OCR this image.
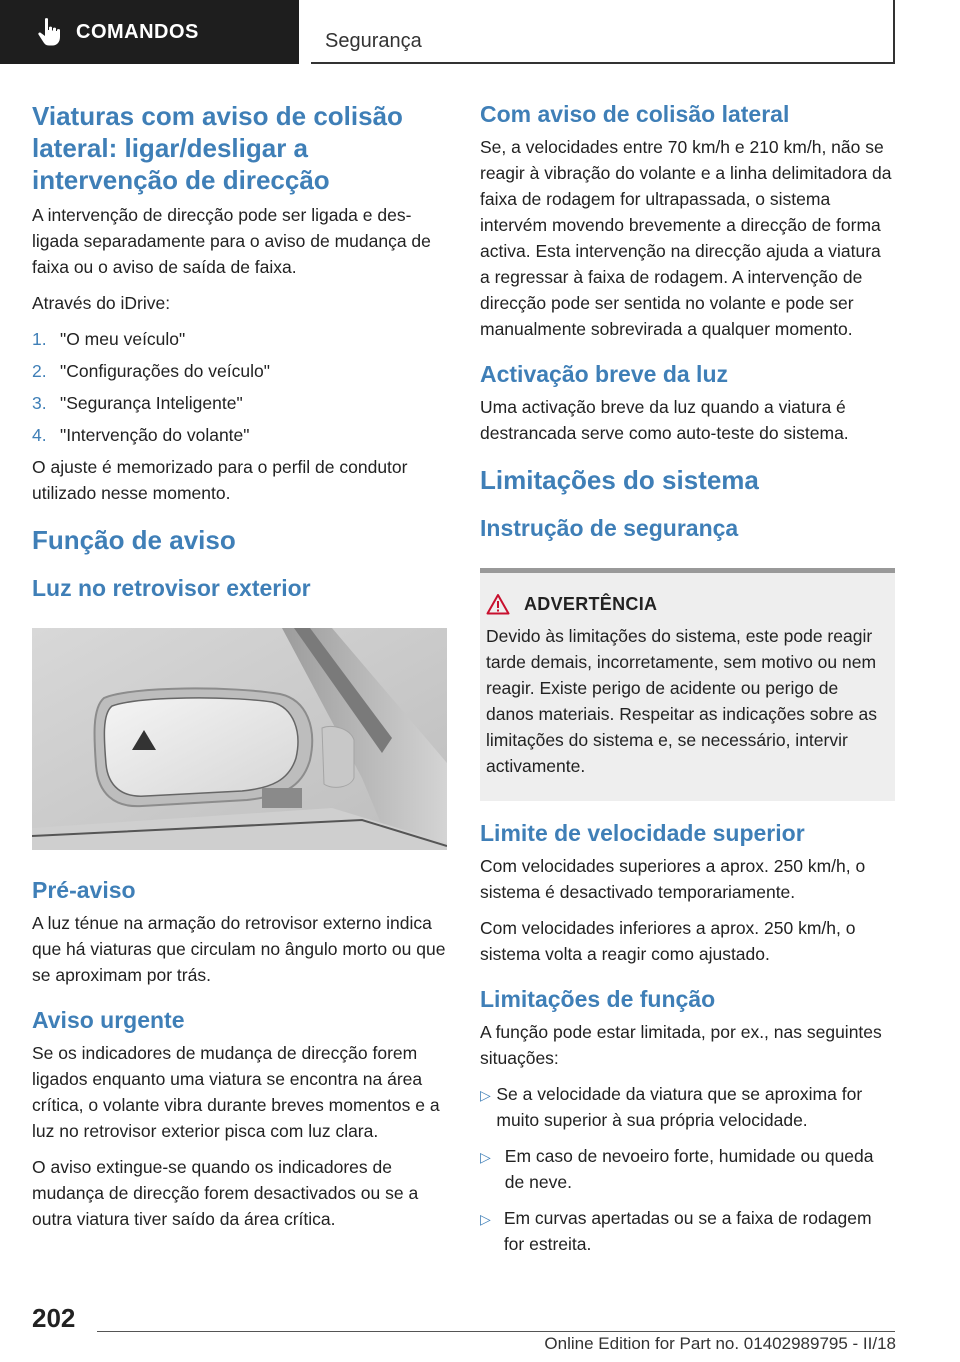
COMANDOS	Segurança
Viaturas com aviso de colisão lateral: ligar/desligar a intervenção de direcção

A intervenção de direcção pode ser ligada e desligada separadamente para o aviso de mudança de faixa ou o aviso de saída de faixa.

Através do iDrive:

1. "O meu veículo"
2. "Configurações do veículo"
3. "Segurança Inteligente"
4. "Intervenção do volante"

O ajuste é memorizado para o perfil de condutor utilizado nesse momento.

Função de aviso
Luz no retrovisor exterior
Pré-aviso

A luz ténue na armação do retrovisor externo indica que há viaturas que circulam no ângulo morto ou que se aproximam por trás.

Aviso urgente

Se os indicadores de mudança de direcção forem ligados enquanto uma viatura se encontra na área crítica, o volante vibra durante breves momentos e a luz no retrovisor exterior pisca com luz clara.

O aviso extingue-se quando os indicadores de mudança de direcção forem desactivados ou se a outra viatura tiver saído da área crítica.

Com aviso de colisão lateral

Se, a velocidades entre 70 km/h e 210 km/h, não se reagir à vibração do volante e a linha delimitadora da faixa de rodagem for ultrapassada, o sistema intervém movendo brevemente a direcção de forma activa. Esta intervenção na direcção ajuda a viatura a regressar à faixa de rodagem. A intervenção de direcção pode ser sentida no volante e pode ser manualmente sobrevirada a qualquer momento.

Activação breve da luz

Uma activação breve da luz quando a viatura é destrancada serve como auto-teste do sistema.

Limitações do sistema
Instrução de segurança
ADVERTÊNCIA

Devido às limitações do sistema, este pode reagir tarde demais, incorretamente, sem motivo ou nem reagir. Existe perigo de acidente ou perigo de danos materiais. Respeitar as indicações sobre as limitações do sistema e, se necessário, intervir activamente.

Limite de velocidade superior

Com velocidades superiores a aprox. 250 km/h, o sistema é desactivado temporariamente.

Com velocidades inferiores a aprox. 250 km/h, o sistema volta a reagir como ajustado.

Limitações de função

A função pode estar limitada, por ex., nas seguintes situações:

▷ Se a velocidade da viatura que se aproxima for muito superior à sua própria velocidade.
▷ Em caso de nevoeiro forte, humidade ou queda de neve.
▷ Em curvas apertadas ou se a faixa de rodagem for estreita.
202
Online Edition for Part no. 01402989795 - II/18
